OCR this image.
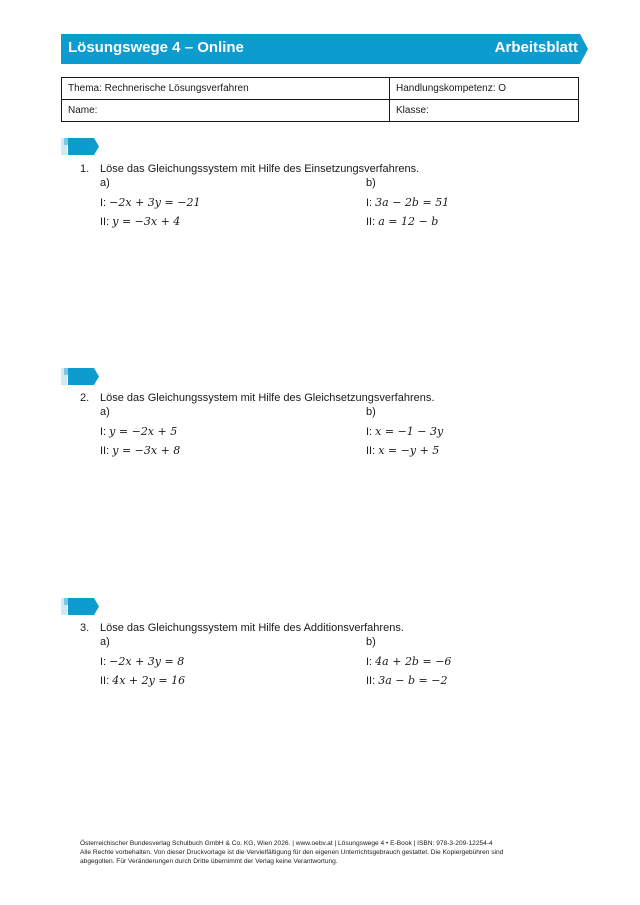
Lösungswege 4 – Online	Arbeitsblatt
Thema: Rechnerische Lösungsverfahren	Handlungskompetenz: O
Name:	Klasse:
1. Löse das Gleichungssystem mit Hilfe des Einsetzungsverfahrens.
a)
I: −2x + 3y = −21
II: y = −3x + 4
b)
I: 3a − 2b = 51
II: a = 12 − b
2. Löse das Gleichungssystem mit Hilfe des Gleichsetzungsverfahrens.
a)
I: y = −2x + 5
II: y = −3x + 8
b)
I: x = −1 − 3y
II: x = −y + 5
3. Löse das Gleichungssystem mit Hilfe des Additionsverfahrens.
a)
I: −2x + 3y = 8
II: 4x + 2y = 16
b)
I: 4a + 2b = −6
II: 3a − b = −2
Österreichischer Bundesverlag Schulbuch GmbH & Co. KG, Wien 2026. | www.oebv.at | Lösungswege 4 • E-Book | ISBN: 978-3-209-12254-4
Alle Rechte vorbehalten. Von dieser Druckvorlage ist die Vervielfältigung für den eigenen Unterrichtsgebrauch gestattet. Die Kopiergebühren sind
abgegolten. Für Veränderungen durch Dritte übernimmt der Verlag keine Verantwortung.
